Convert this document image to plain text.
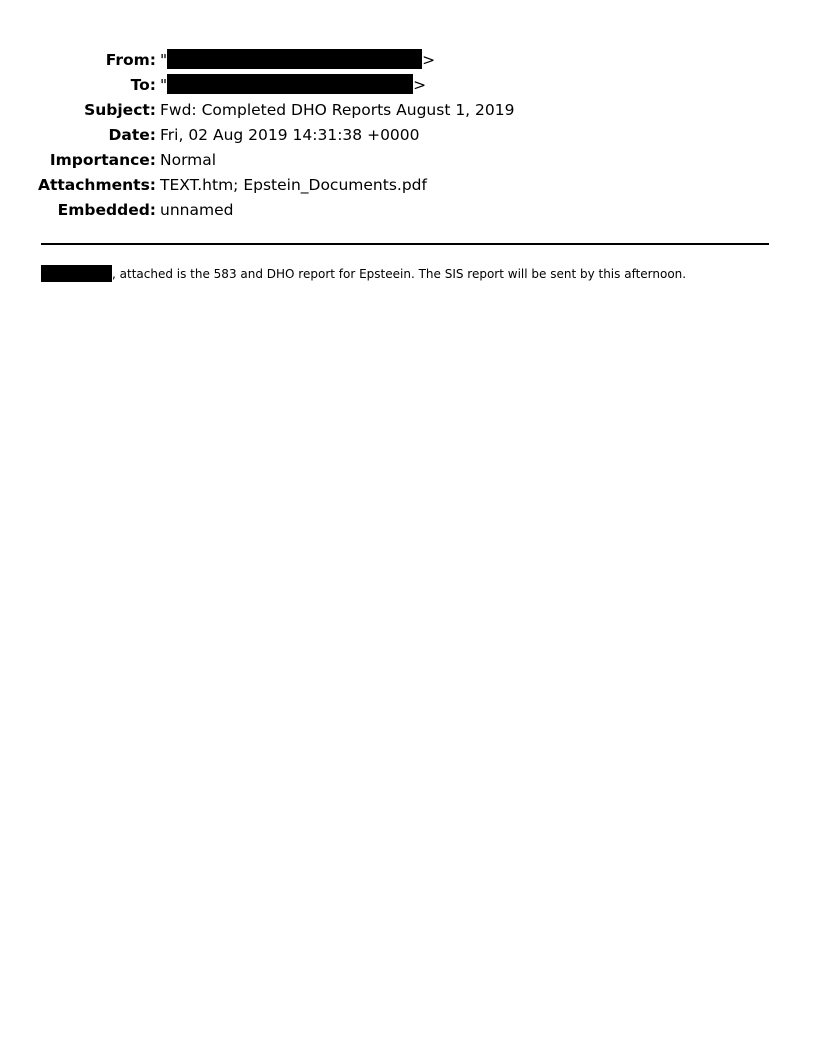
From: "	>
To: "	>
Subject: Fwd: Completed DHO Reports August 1, 2019
Date: Fri, 02 Aug 2019 14:31:38 +0000
Importance: Normal
Attachments: TEXT.htm; Epstein_Documents.pdf
Embedded: unnamed
, attached is the 583 and DHO report for Epsteein. The SIS report will be sent by this afternoon.
